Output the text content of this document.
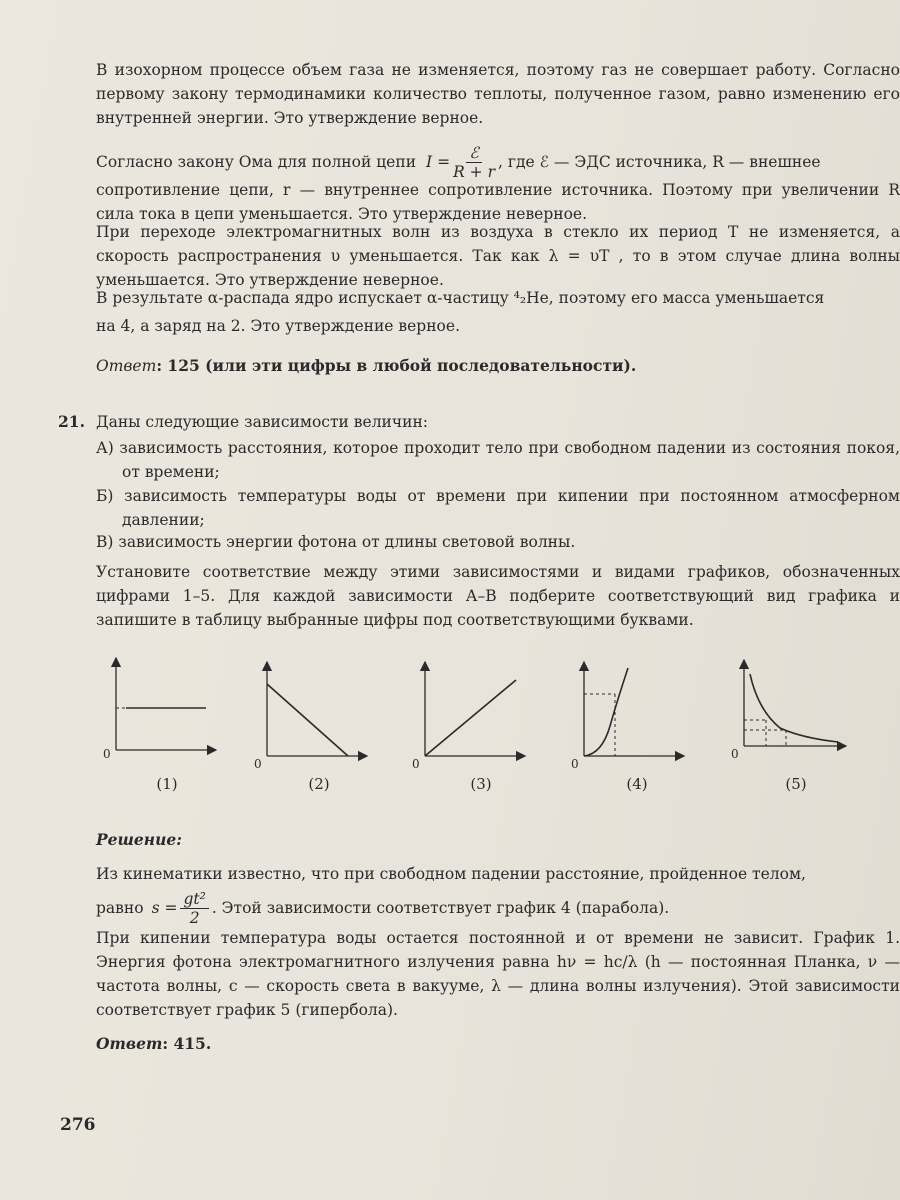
В изохорном процессе объем газа не изменяется, поэтому газ не совершает работу. Согласно первому закону термодинамики количество теплоты, полученное газом, равно изменению его внутренней энергии. Это утверждение верное.

Согласно закону Ома для полной цепи $I = \frac{\text{ℰ}}{R + r}$ , где ℰ — ЭДС источника, R — внешнее

сопротивление цепи, r — внутреннее сопротивление источника. Поэтому при увеличении R сила тока в цепи уменьшается. Это утверждение неверное.

При переходе электромагнитных волн из воздуха в стекло их период T не изменяется, а скорость распространения υ уменьшается. Так как λ = υT , то в этом случае длина волны уменьшается. Это утверждение неверное.

В результате α-распада ядро испускает α-частицу ⁴₂He, поэтому его масса уменьшается

на 4, а заряд на 2. Это утверждение верное.

Ответ: 125 (или эти цифры в любой последовательности).
21. Даны следующие зависимости величин:

А) зависимость расстояния, которое проходит тело при свободном падении из состояния покоя, от времени;

Б) зависимость температуры воды от времени при кипении при постоянном атмосферном давлении;

В) зависимость энергии фотона от длины световой волны.

Установите соответствие между этими зависимостями и видами графиков, обозначенных цифрами 1–5. Для каждой зависимости А–В подберите соответствующий вид графика и запишите в таблицу выбранные цифры под соответствующими буквами.

0
0	0	0
0
(1)	(2)	(3)	(4)	(5)
Решение:

Из кинематики известно, что при свободном падении расстояние, пройденное телом,

равно $s = \frac{\text{gt²}}{2}$ . Этой зависимости соответствует график 4 (парабола).

При кипении температура воды остается постоянной и от времени не зависит. График 1. Энергия фотона электромагнитного излучения равна hν = hc/λ (h — постоянная Планка, ν — частота волны, c — скорость света в вакууме, λ — длина волны излучения). Этой зависимости соответствует график 5 (гипербола).

Ответ: 415.
276
